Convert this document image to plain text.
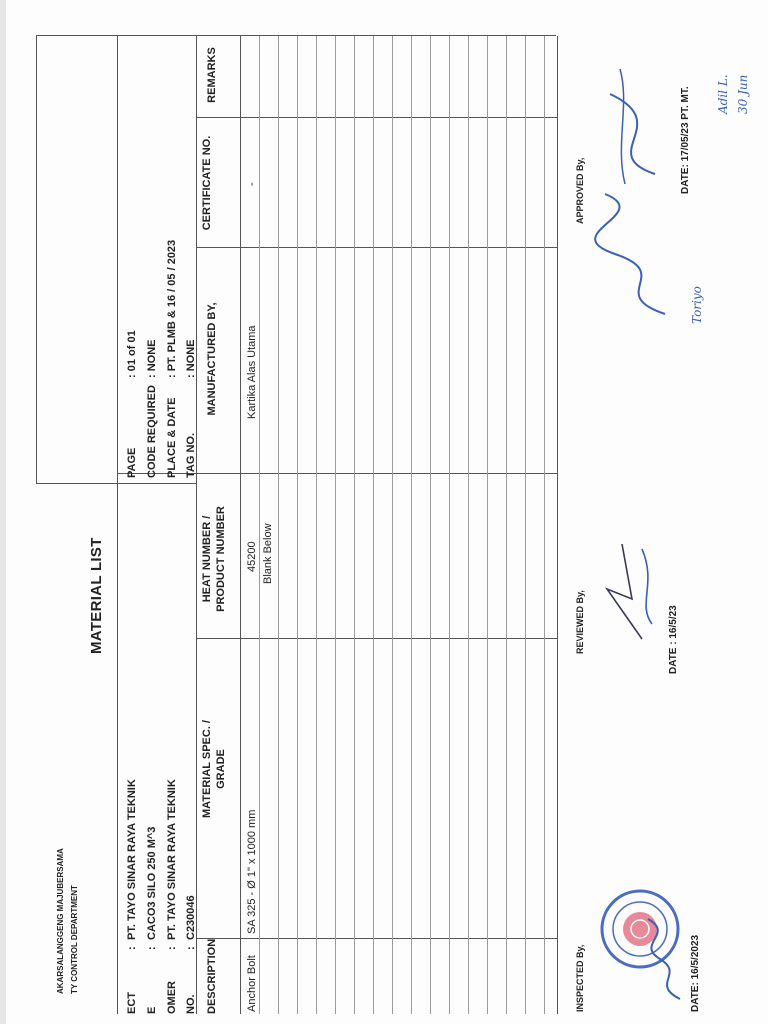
AKARSALANGGENG MAJUBERSAMA TY CONTROL DEPARTMENT
MATERIAL LIST
ECT
:
PT. TAYO SINAR RAYA TEKNIK
E
:
CACO3 SILO 250 M^3
OMER
:
PT. TAYO SINAR RAYA TEKNIK
NO.
:
C230046
PAGE
: 01 of 01
CODE REQUIRED
: NONE
PLACE & DATE
: PT. PLMB & 16 / 05 / 2023
TAG NO.
: NONE
DESCRIPTION
MATERIAL SPEC. / GRADE
HEAT NUMBER / PRODUCT NUMBER
MANUFACTURED BY,
CERTIFICATE NO.
REMARKS
Anchor Bolt
SA 325 - Ø 1" x 1000 mm
45200
Kartika Alas Utama
-
Blank Below
INSPECTED By,
REVIEWED By,
APPROVED By,
DATE: 16/5/2023
DATE : 16/5/23
DATE: 17/05/23 PT. MT.
Toriyo
Adil L. 30 Jun
